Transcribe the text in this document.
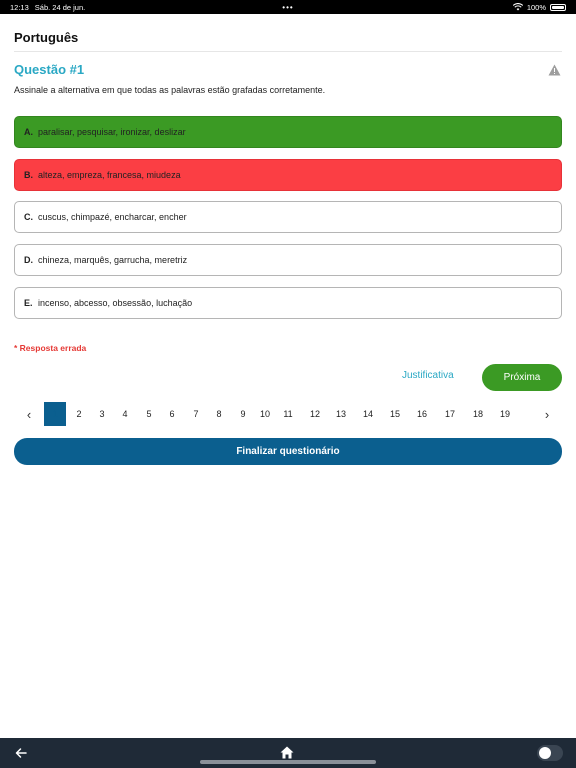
12:13 Sáb. 24 de jun.	•••	100%
Português
Questão #1
Assinale a alternativa em que todas as palavras estão grafadas corretamente.
A. paralisar, pesquisar, ironizar, deslizar
B. alteza, empreza, francesa, miudeza
C. cuscus, chimpazé, encharcar, encher
D. chineza, marquês, garrucha, meretriz
E. incenso, abcesso, obsessão, luchação
* Resposta errada
Justificativa	Próxima
‹	1	2	3	4	5	6	7	8	9	10	11	12	13	14	15	16	17	18	19	›
Finalizar questionário
